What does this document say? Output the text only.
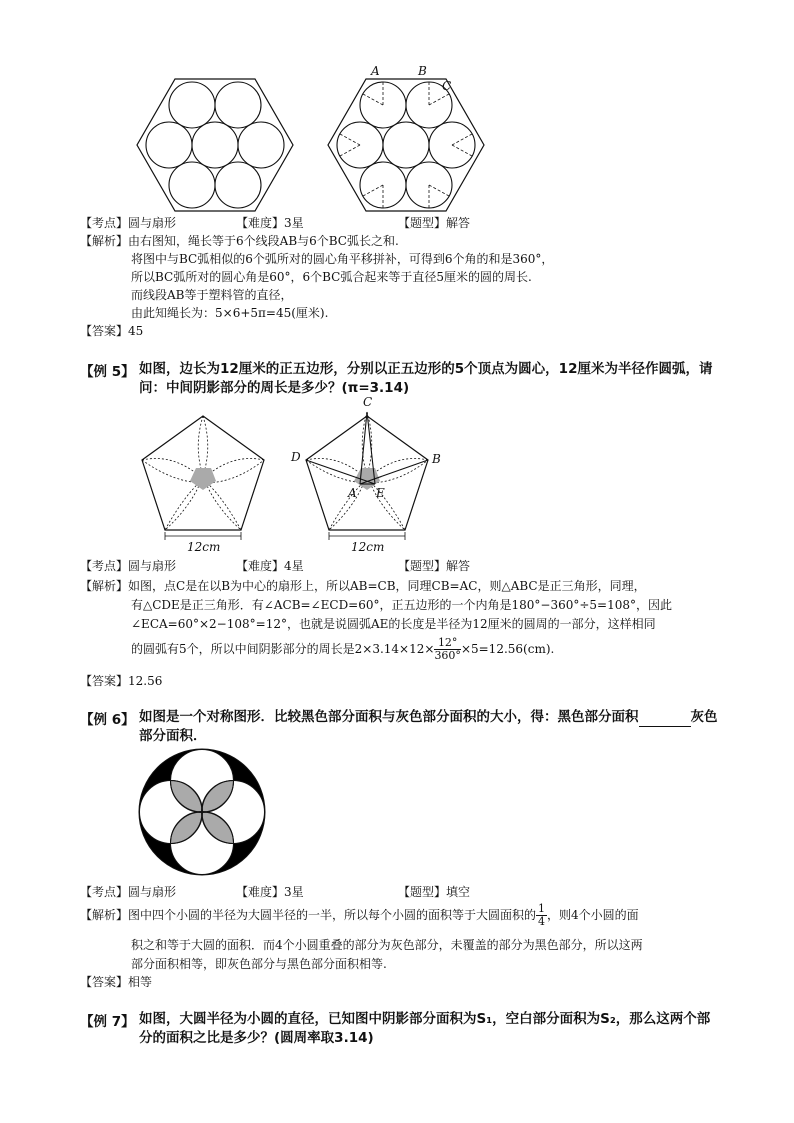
A	B
C
【考点】圆与扇形	【难度】3星	【题型】解答
【解析】由右图知，绳长等于6个线段AB与6个BC弧长之和.
将图中与BC弧相似的6个弧所对的圆心角平移拼补，可得到6个角的和是360°，
所以BC弧所对的圆心角是60°，6个BC弧合起来等于直径5厘米的圆的周长.
而线段AB等于塑料管的直径，
由此知绳长为：5×6+5π=45(厘米).
【答案】45
【例 5】 如图，边长为12厘米的正五边形，分别以正五边形的5个顶点为圆心，12厘米为半径作圆弧，请
问：中间阴影部分的周长是多少？(π=3.14)
12cm
C
D	B
A E
12cm
【考点】圆与扇形	【难度】4星	【题型】解答
【解析】如图，点C是在以B为中心的扇形上，所以AB=CB，同理CB=AC，则△ABC是正三角形，同理，
有△CDE是正三角形．有∠ACB=∠ECD=60°，正五边形的一个内角是180°−360°÷5=108°，因此
∠ECA=60°×2−108°=12°，也就是说圆弧AE的长度是半径为12厘米的圆周的一部分，这样相同
的圆弧有5个，所以中间阴影部分的周长是$2\times 3.14\times 12\times \frac{12^\circ}{360^\circ} \times 5=12.56(cm)$.
【答案】12.56
【例 6】 如图是一个对称图形．比较黑色部分面积与灰色部分面积的大小，得：黑色部分面积	灰色
部分面积．
【考点】圆与扇形	【难度】3星	【题型】填空
【解析】图中四个小圆的半径为大圆半径的一半，所以每个小圆的面积等于大圆面积的 $\frac{1}{4}$ ，则4个小圆的面
积之和等于大圆的面积．而4个小圆重叠的部分为灰色部分，未覆盖的部分为黑色部分，所以这两
部分面积相等，即灰色部分与黑色部分面积相等.
【答案】相等
【例 7】 如图，大圆半径为小圆的直径，已知图中阴影部分面积为S₁，空白部分面积为S₂，那么这两个部
分的面积之比是多少？(圆周率取3.14)
